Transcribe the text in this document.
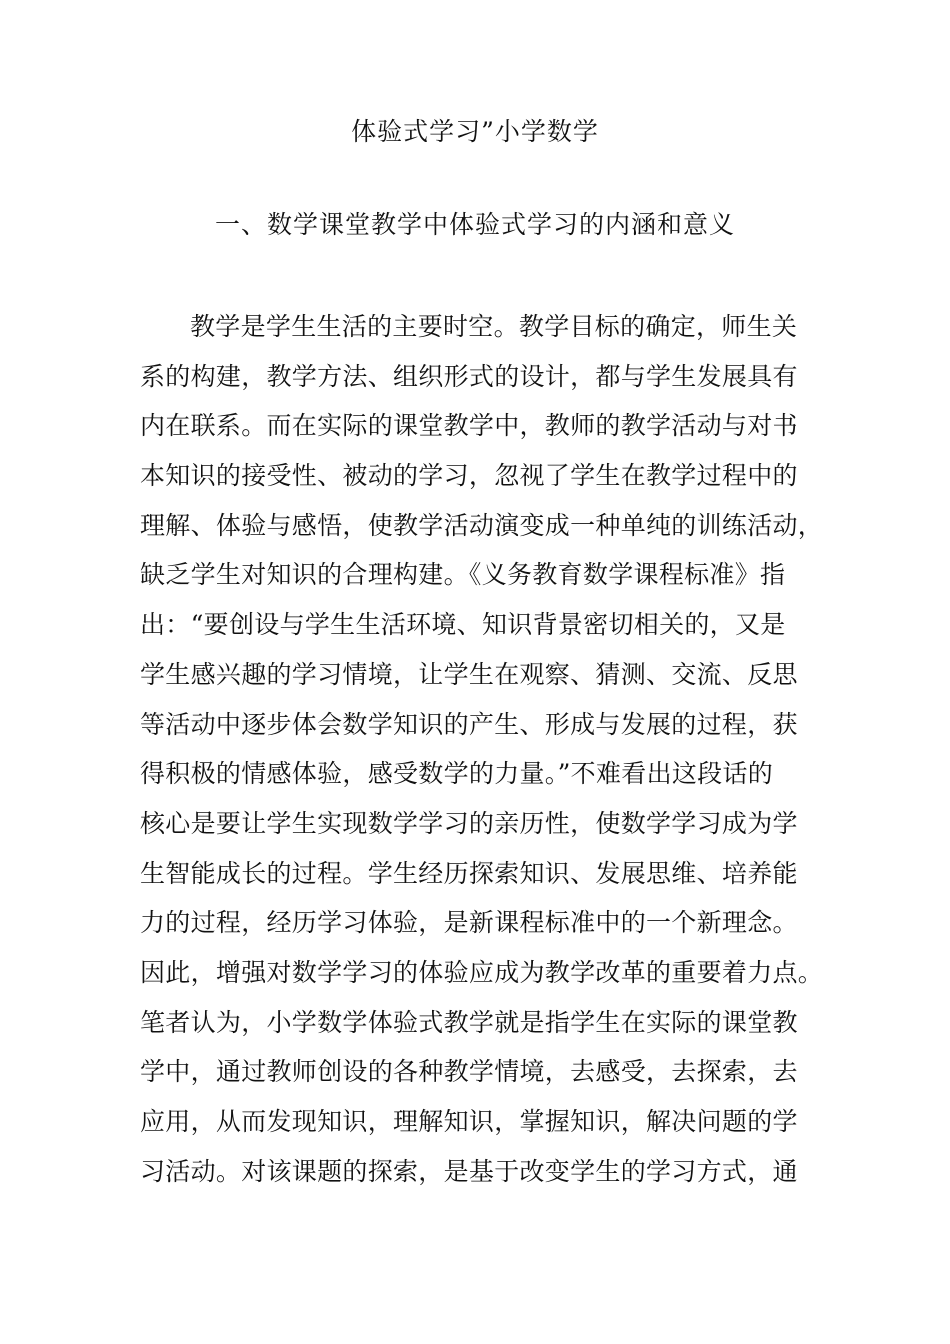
体验式学习”小学数学
一、数学课堂教学中体验式学习的内涵和意义
教学是学生生活的主要时空。教学目标的确定，师生关
系的构建，教学方法、组织形式的设计，都与学生发展具有
内在联系。而在实际的课堂教学中，教师的教学活动与对书
本知识的接受性、被动的学习，忽视了学生在教学过程中的
理解、体验与感悟，使教学活动演变成一种单纯的训练活动，
缺乏学生对知识的合理构建。《义务教育数学课程标准》指
出：“要创设与学生生活环境、知识背景密切相关的，又是
学生感兴趣的学习情境，让学生在观察、猜测、交流、反思
等活动中逐步体会数学知识的产生、形成与发展的过程，获
得积极的情感体验，感受数学的力量。”不难看出这段话的
核心是要让学生实现数学学习的亲历性，使数学学习成为学
生智能成长的过程。学生经历探索知识、发展思维、培养能
力的过程，经历学习体验，是新课程标准中的一个新理念。
因此，增强对数学学习的体验应成为教学改革的重要着力点。
笔者认为，小学数学体验式教学就是指学生在实际的课堂教
学中，通过教师创设的各种教学情境，去感受，去探索，去
应用，从而发现知识，理解知识，掌握知识，解决问题的学
习活动。对该课题的探索，是基于改变学生的学习方式，通
